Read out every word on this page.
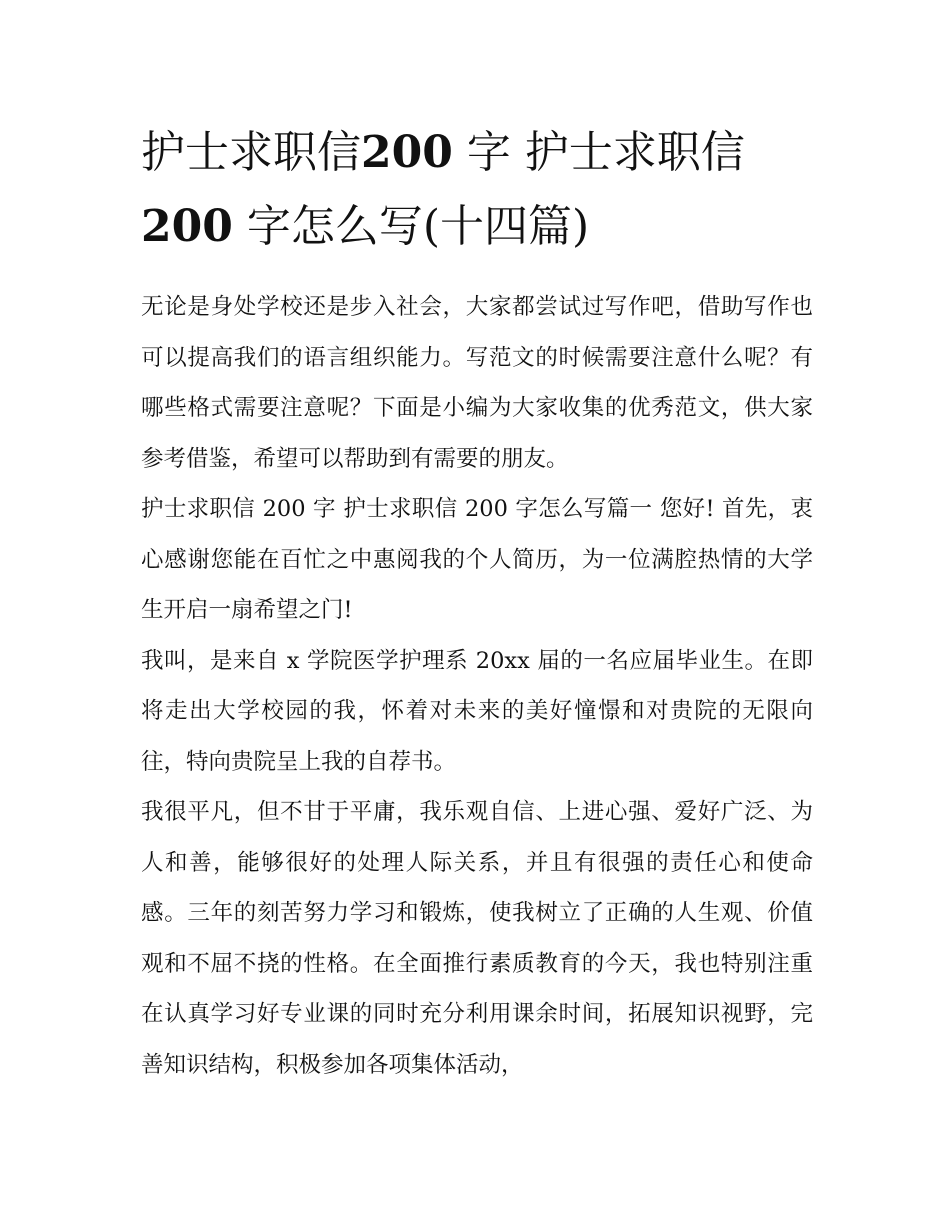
护士求职信200 字 护士求职信
200 字怎么写(十四篇)

无论是身处学校还是步入社会，大家都尝试过写作吧，借助写作也可以提高我们的语言组织能力。写范文的时候需要注意什么呢？有哪些格式需要注意呢？下面是小编为大家收集的优秀范文，供大家参考借鉴，希望可以帮助到有需要的朋友。

护士求职信 200 字 护士求职信 200 字怎么写篇一 您好! 首先，衷心感谢您能在百忙之中惠阅我的个人简历，为一位满腔热情的大学生开启一扇希望之门!

我叫，是来自 x 学院医学护理系 20xx 届的一名应届毕业生。在即将走出大学校园的我，怀着对未来的美好憧憬和对贵院的无限向往，特向贵院呈上我的自荐书。

我很平凡，但不甘于平庸，我乐观自信、上进心强、爱好广泛、为人和善，能够很好的处理人际关系，并且有很强的责任心和使命感。三年的刻苦努力学习和锻炼，使我树立了正确的人生观、价值观和不屈不挠的性格。在全面推行素质教育的今天，我也特别注重在认真学习好专业课的同时充分利用课余时间，拓展知识视野，完善知识结构，积极参加各项集体活动，
